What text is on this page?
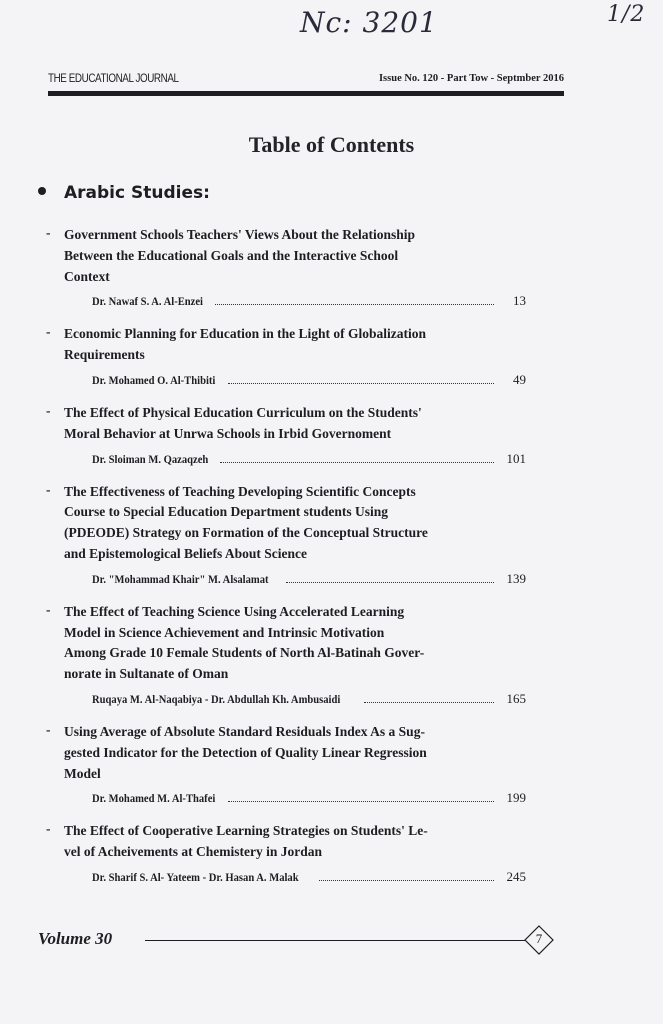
Nc: 3201	1/2
THE EDUCATIONAL JOURNAL	Issue No. 120 - Part Tow - Septmber 2016
Table of Contents
Arabic Studies:
- Government Schools Teachers' Views About the Relationship
Between the Educational Goals and the Interactive School
Context
Dr. Nawaf S. A. Al-Enzei	13
- Economic Planning for Education in the Light of Globalization
Requirements
Dr. Mohamed O. Al-Thibiti	49
- The Effect of Physical Education Curriculum on the Students'
Moral Behavior at Unrwa Schools in Irbid Governoment
Dr. Sloiman M. Qazaqzeh	101
- The Effectiveness of Teaching Developing Scientific Concepts
Course to Special Education Department students Using
(PDEODE) Strategy on Formation of the Conceptual Structure
and Epistemological Beliefs About Science
Dr. "Mohammad Khair" M. Alsalamat	139
- The Effect of Teaching Science Using Accelerated Learning
Model in Science Achievement and Intrinsic Motivation
Among Grade 10 Female Students of North Al-Batinah Gover-
norate in Sultanate of Oman
Ruqaya M. Al-Naqabiya - Dr. Abdullah Kh. Ambusaidi	165
- Using Average of Absolute Standard Residuals Index As a Sug-
gested Indicator for the Detection of Quality Linear Regression
Model
Dr. Mohamed M. Al-Thafei	199
- The Effect of Cooperative Learning Strategies on Students' Le-
vel of Acheivements at Chemistery in Jordan
Dr. Sharif S. Al- Yateem - Dr. Hasan A. Malak	245
Volume 30	7
